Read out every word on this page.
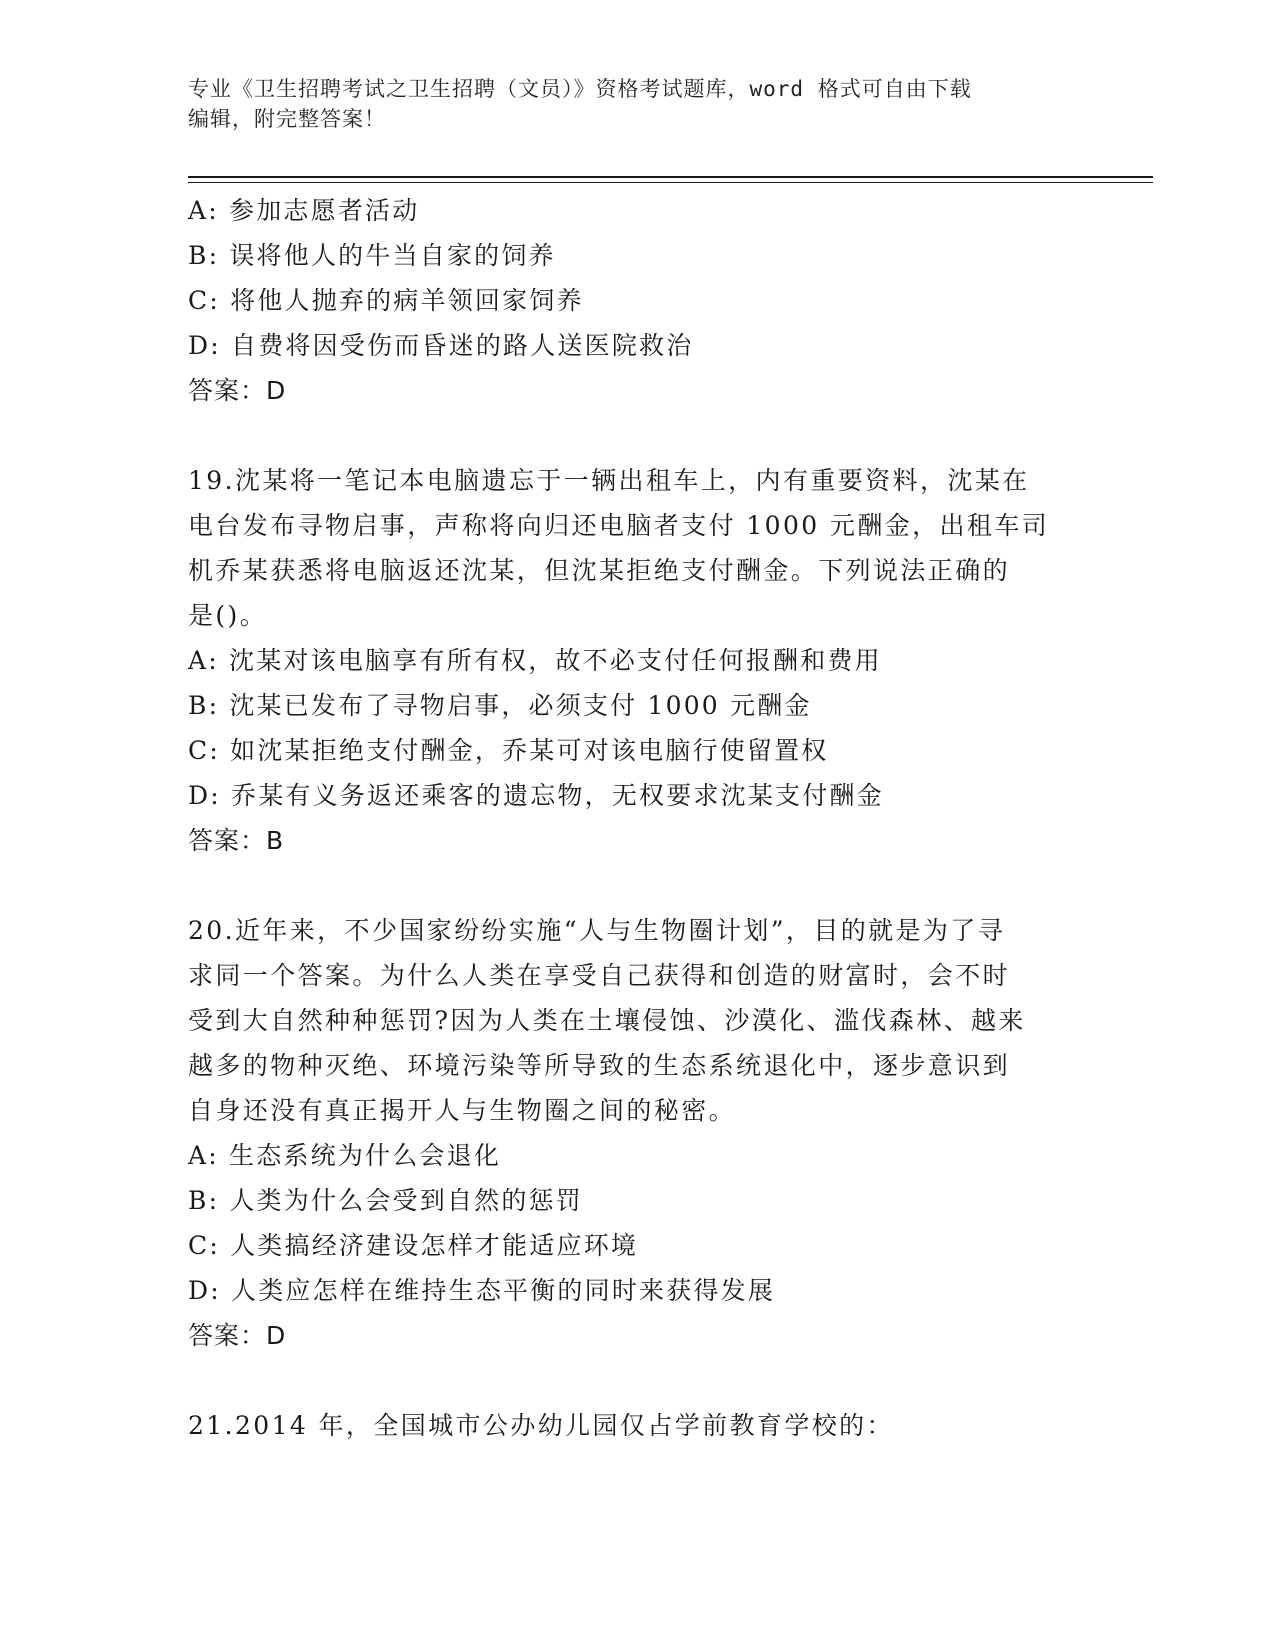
专业《卫生招聘考试之卫生招聘（文员）》资格考试题库，word 格式可自由下载
编辑，附完整答案！
A: 参加志愿者活动
B: 误将他人的牛当自家的饲养
C: 将他人抛弃的病羊领回家饲养
D: 自费将因受伤而昏迷的路人送医院救治
答案：D
19.沈某将一笔记本电脑遗忘于一辆出租车上，内有重要资料，沈某在
电台发布寻物启事，声称将向归还电脑者支付 1000 元酬金，出租车司
机乔某获悉将电脑返还沈某，但沈某拒绝支付酬金。下列说法正确的
是()。
A: 沈某对该电脑享有所有权，故不必支付任何报酬和费用
B: 沈某已发布了寻物启事，必须支付 1000 元酬金
C: 如沈某拒绝支付酬金，乔某可对该电脑行使留置权
D: 乔某有义务返还乘客的遗忘物，无权要求沈某支付酬金
答案：B
20.近年来，不少国家纷纷实施“人与生物圈计划”，目的就是为了寻
求同一个答案。为什么人类在享受自己获得和创造的财富时，会不时
受到大自然种种惩罚?因为人类在土壤侵蚀、沙漠化、滥伐森林、越来
越多的物种灭绝、环境污染等所导致的生态系统退化中，逐步意识到
自身还没有真正揭开人与生物圈之间的秘密。
A: 生态系统为什么会退化
B: 人类为什么会受到自然的惩罚
C: 人类搞经济建设怎样才能适应环境
D: 人类应怎样在维持生态平衡的同时来获得发展
答案：D
21.2014 年，全国城市公办幼儿园仅占学前教育学校的：
